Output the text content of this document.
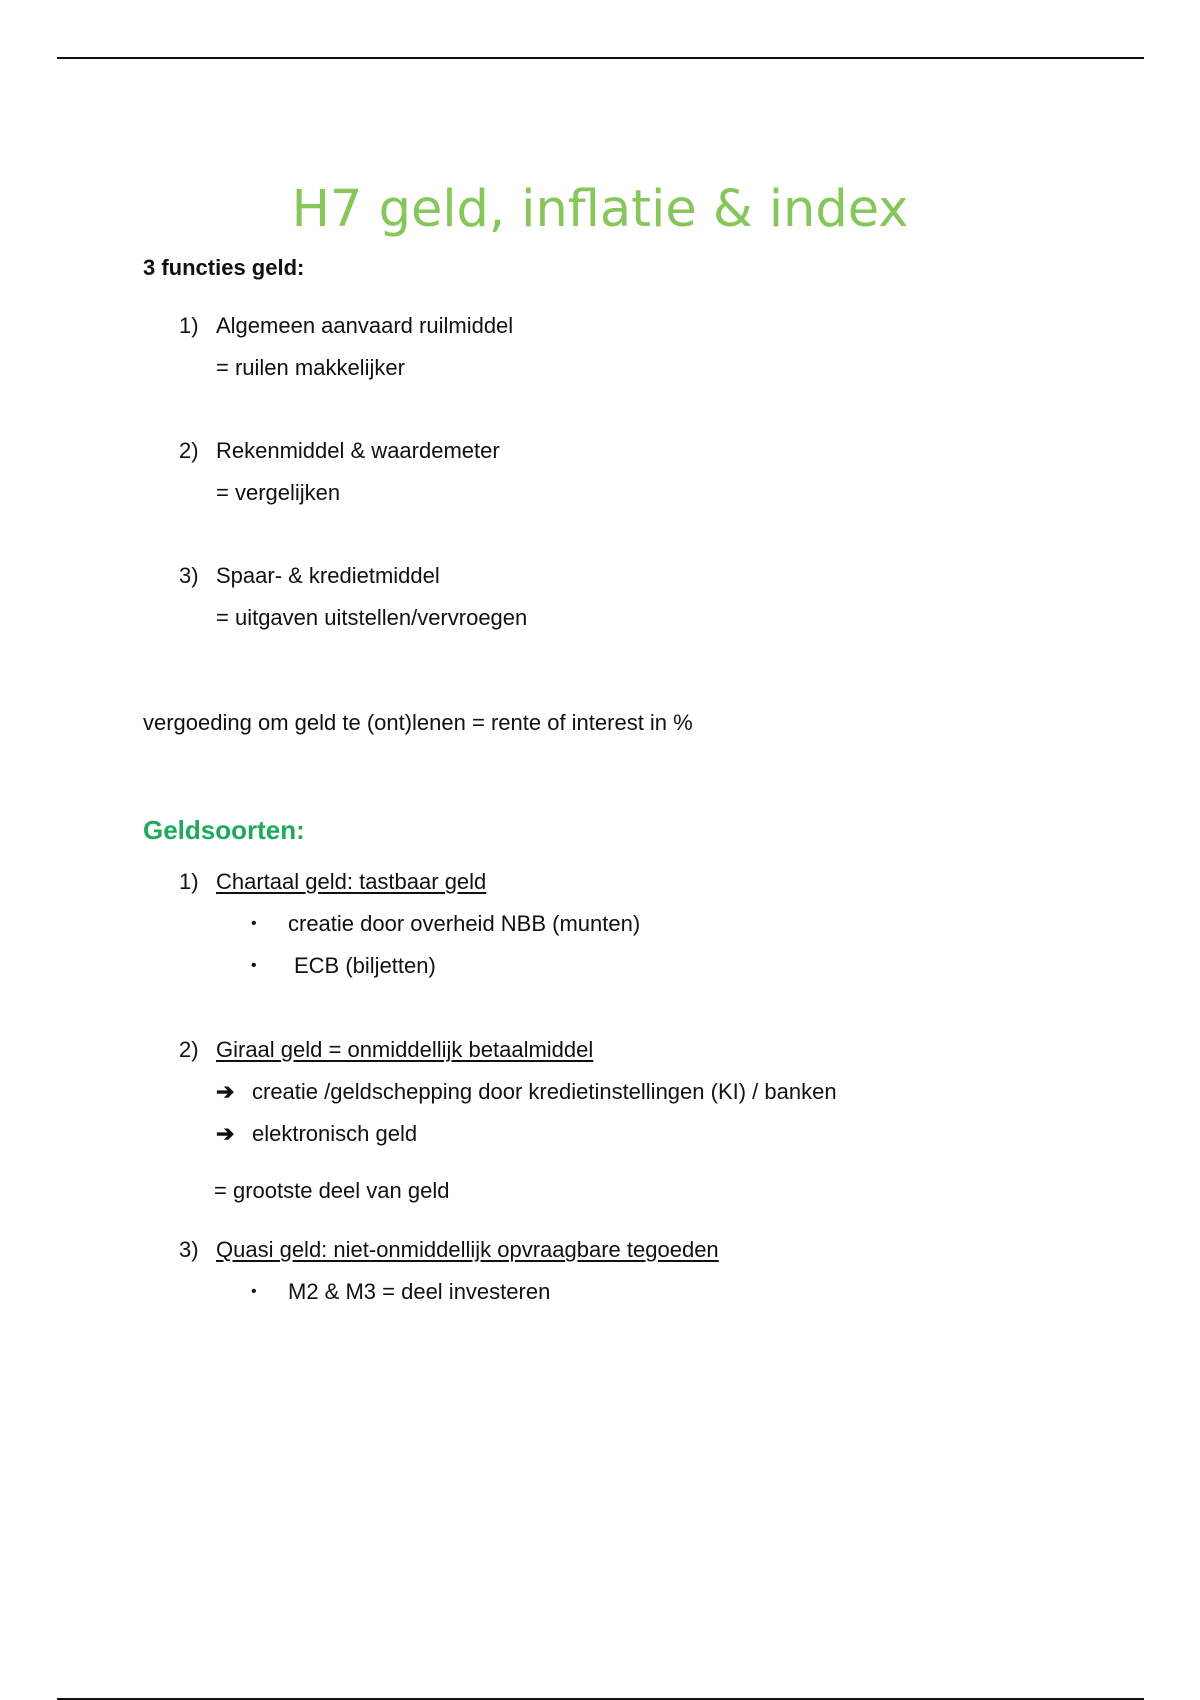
H7 geld, inflatie & index
3 functies geld:
1) Algemeen aanvaard ruilmiddel
= ruilen makkelijker
2) Rekenmiddel & waardemeter
= vergelijken
3) Spaar- & kredietmiddel
= uitgaven uitstellen/vervroegen
vergoeding om geld te (ont)lenen = rente of interest in %
Geldsoorten:
1) Chartaal geld: tastbaar geld
• creatie door overheid NBB (munten)
• ECB (biljetten)
2) Giraal geld = onmiddellijk betaalmiddel
➔ creatie /geldschepping door kredietinstellingen (KI) / banken
➔ elektronisch geld
= grootste deel van geld
3) Quasi geld: niet-onmiddellijk opvraagbare tegoeden
• M2 & M3 = deel investeren
